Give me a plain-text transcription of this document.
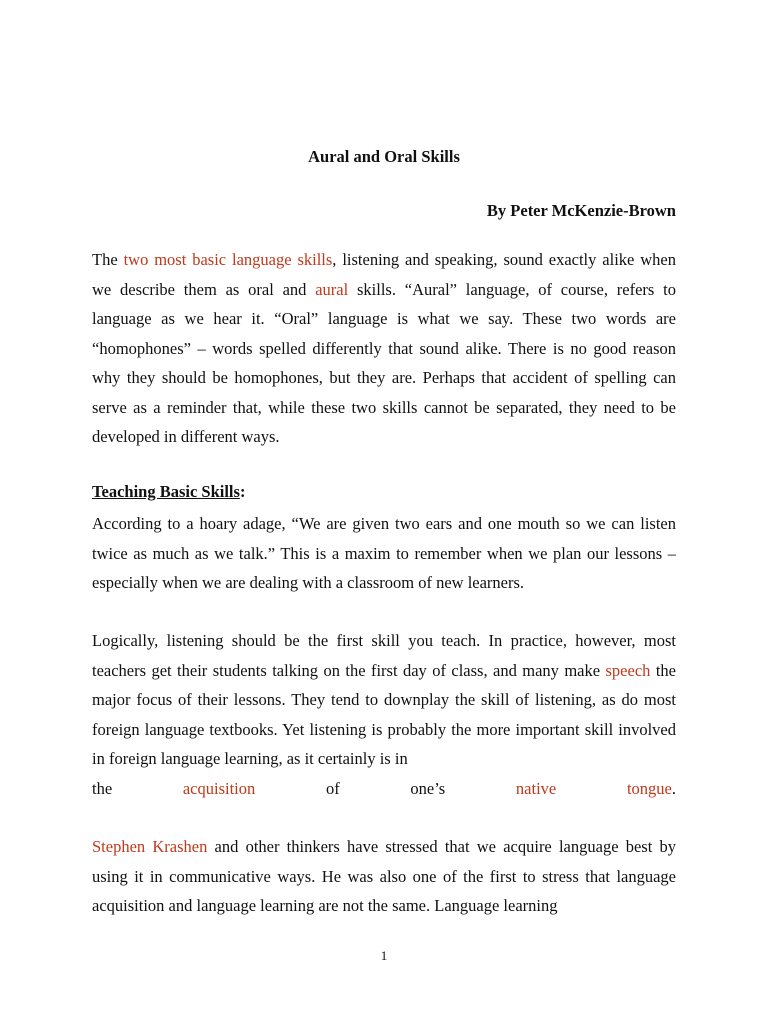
Aural and Oral Skills
By Peter McKenzie-Brown
The two most basic language skills, listening and speaking, sound exactly alike when we describe them as oral and aural skills. “Aural” language, of course, refers to language as we hear it. “Oral” language is what we say. These two words are “homophones” – words spelled differently that sound alike. There is no good reason why they should be homophones, but they are. Perhaps that accident of spelling can serve as a reminder that, while these two skills cannot be separated, they need to be developed in different ways.
Teaching Basic Skills:
According to a hoary adage, “We are given two ears and one mouth so we can listen twice as much as we talk.” This is a maxim to remember when we plan our lessons – especially when we are dealing with a classroom of new learners.
Logically, listening should be the first skill you teach. In practice, however, most teachers get their students talking on the first day of class, and many make speech the major focus of their lessons. They tend to downplay the skill of listening, as do most foreign language textbooks. Yet listening is probably the more important skill involved in foreign language learning, as it certainly is in
the	acquisition	of	one’s	native	tongue.
Stephen Krashen and other thinkers have stressed that we acquire language best by using it in communicative ways. He was also one of the first to stress that language acquisition and language learning are not the same. Language learning
1
